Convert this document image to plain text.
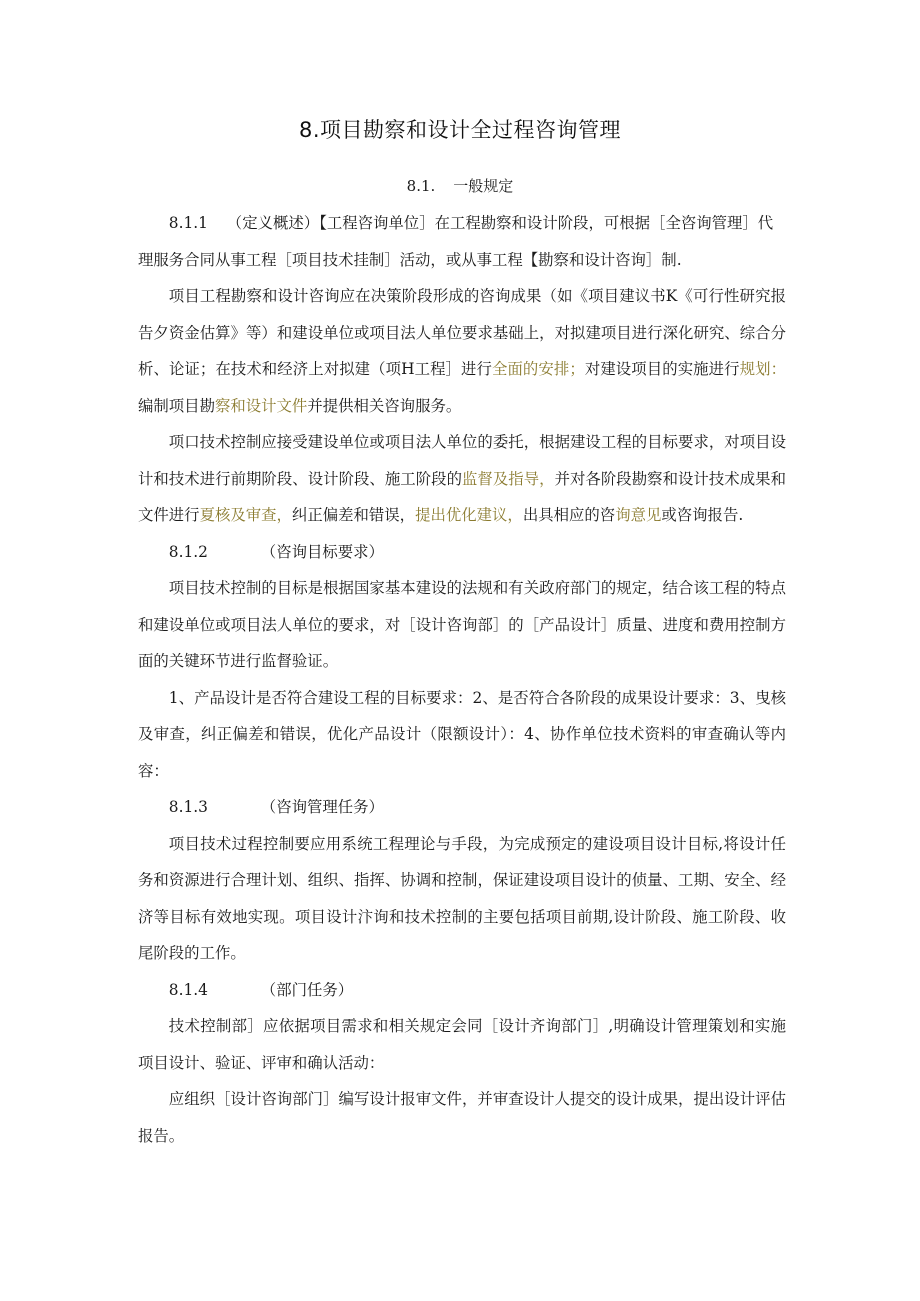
8.项目勘察和设计全过程咨询管理
8.1. 一般规定

8.1.1 （定义概述）【工程咨询单位］在工程勘察和设计阶段，可根据［全咨询管理］代理服务合同从事工程［项目技术挂制］活动，或从事工程【勘察和设计咨询］制.

项目工程勘察和设计咨询应在决策阶段形成的咨询成果（如《项目建议书K《可行性研究报告夕资金估算》等）和建设单位或项目法人单位要求基础上，对拟建项目进行深化研究、综合分析、论证；在技术和经济上对拟建（项H工程］进行全面的安排；对建设项目的实施进行规划：编制项目勘察和设计文件并提供相关咨询服务。

项口技术控制应接受建设单位或项目法人单位的委托，根据建设工程的目标要求，对项目设计和技术进行前期阶段、设计阶段、施工阶段的监督及指导，并对各阶段勘察和设计技术成果和文件进行夏核及审查，纠正偏差和错误，提出优化建议，出具相应的咨询意见或咨询报告.

8.1.2	（咨询目标要求）

项目技术控制的目标是根据国家基本建设的法规和有关政府部门的规定，结合该工程的特点和建设单位或项目法人单位的要求，对［设计咨询部］的［产品设计］质量、进度和费用控制方面的关键环节进行监督验证。

1、产品设计是否符合建设工程的目标要求：2、是否符合各阶段的成果设计要求：3、曳核及审查，纠正偏差和错误，优化产品设计（限额设计）：4、协作单位技术资料的审查确认等内容：

8.1.3	（咨询管理任务）

项目技术过程控制要应用系统工程理论与手段，为完成预定的建设项目设计目标,将设计任务和资源进行合理计划、组织、指挥、协调和控制，保证建设项目设计的侦量、工期、安全、经济等目标有效地实现。项目设计汴询和技术控制的主要包括项目前期,设计阶段、施工阶段、收尾阶段的工作。

8.1.4	（部门任务）

技术控制部］应依据项目需求和相关规定会同［设计齐询部门］,明确设计管理策划和实施项目设计、验证、评审和确认活动：

应组织［设计咨询部门］编写设计报审文件，并审查设计人提交的设计成果，提出设计评估报告。
